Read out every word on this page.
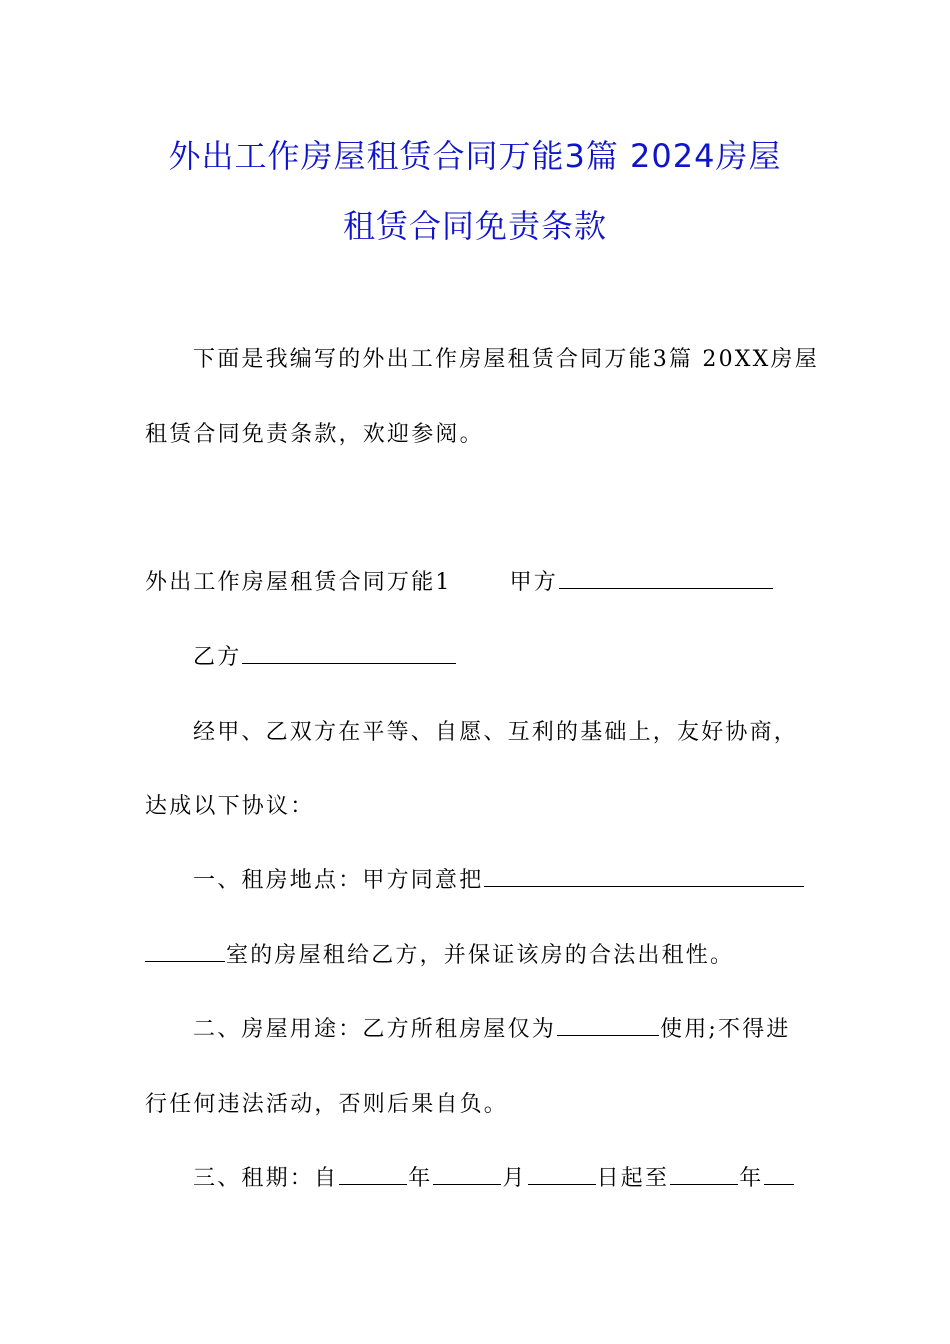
外出工作房屋租赁合同万能3篇 2024房屋
租赁合同免责条款
下面是我编写的外出工作房屋租赁合同万能3篇 20XX房屋
租赁合同免责条款，欢迎参阅。
外出工作房屋租赁合同万能1	甲方
乙方
经甲、乙双方在平等、自愿、互利的基础上，友好协商，
达成以下协议：
一、租房地点：甲方同意把
室的房屋租给乙方，并保证该房的合法出租性。
二、房屋用途：乙方所租房屋仅为	使用;不得进
行任何违法活动，否则后果自负。
三、租期：自	年	月	日起至	年
